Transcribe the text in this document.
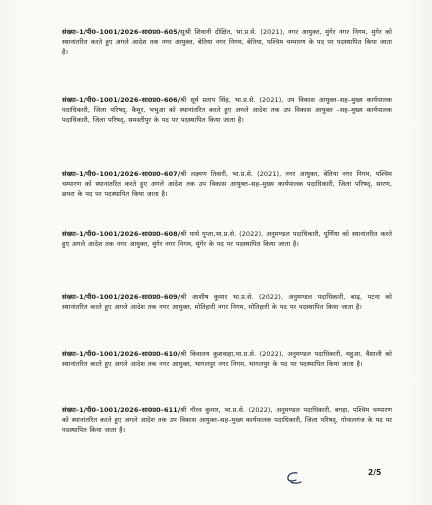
संख्या–1/पी0–1001/2026–सा0प्र0–605/सुश्री शिवानी दीक्षित, भा.प्र.से. (2021), नगर आयुक्त, मुंगेर नगर निगम, मुंगेर को स्थानांतरित करते हुए अगले आदेश तक नगर आयुक्त, बेतिया नगर निगम, बेतिया, पश्चिम चम्पारण के पद पर पदस्थापित किया जाता है।
संख्या–1/पी0–1001/2026–सा0प्र0–606/श्री सूर्य प्रताप सिंह, भा.प्र.से. (2021), उप विकास आयुक्त–सह–मुख्य कार्यपालक पदाधिकारी, जिला परिषद्, कैमूर, भभुआ को स्थानांतरित करते हुए अगले आदेश तक उप विकास आयुक्त –सह–मुख्य कार्यपालक पदाधिकारी, जिला परिषद्, समस्तीपुर के पद पर पदस्थापित किया जाता है।
संख्या–1/पी0–1001/2026–सा0प्र0–607/श्री लक्ष्मण तिवारी, भा.प्र.से. (2021), नगर आयुक्त, बेतिया नगर निगम, पश्चिम चम्पारण को स्थानांतरित करते हुए अगले आदेश तक उप विकास आयुक्त–सह–मुख्य कार्यपालक पदाधिकारी, जिला परिषद्, सारण, छपरा के पद पर पदस्थापित किया जाता है।
संख्या–1/पी0–1001/2026–सा0प्र0–608/श्री पार्थ गुप्ता,भा.प्र.से. (2022), अनुमण्डल पदाधिकारी, पूर्णिया को स्थानांतरित करते हुए अगले आदेश तक नगर आयुक्त, मुंगेर नगर निगम, मुंगेर के पद पर पदस्थापित किया जाता है।
संख्या–1/पी0–1001/2026–सा0प्र0–609/श्री आशीष कुमार भा.प्र.से. (2022), अनुमण्डल पदाधिकारी, बाढ़, पटना को स्थानांतरित करते हुए अगले आदेश तक नगर आयुक्त, मोतिहारी नगर निगम, मोतिहारी के पद पर पदस्थापित किया जाता है।
संख्या–1/पी0–1001/2026–सा0प्र0–610/श्री किसलय कुशवाहा,भा.प्र.से. (2022), अनुमण्डल पदाधिकारी, महुआ, वैशाली को स्थानांतरित करते हुए अगले आदेश तक नगर आयुक्त, भागलपुर नगर निगम, भागलपुर के पद पर पदस्थापित किया जाता है।
संख्या–1/पी0–1001/2026–सा0प्र0–611/श्री गौरव कुमार, भा.प्र.से. (2022), अनुमण्डल पदाधिकारी, बगहा, पश्चिम चम्पारण को स्थानांतरित करते हुए अगले आदेश तक उप विकास आयुक्त–सह–मुख्य कार्यपालक पदाधिकारी, जिला परिषद्, गोपालगंज के पद पर पदस्थापित किया जाता है।
2/5
